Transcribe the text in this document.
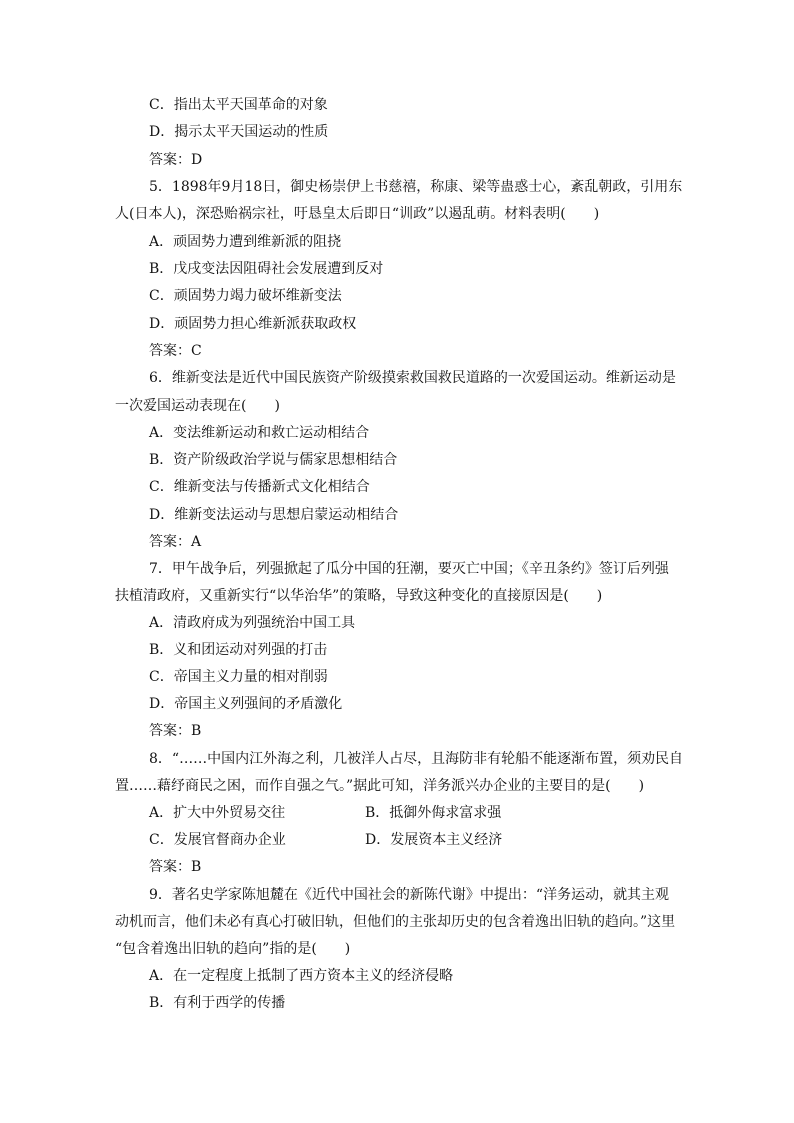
C．指出太平天国革命的对象
D．揭示太平天国运动的性质
答案：D
5．1898年9月18日，御史杨崇伊上书慈禧，称康、梁等蛊惑士心，紊乱朝政，引用东
人(日本人)，深恐贻祸宗社，吁恳皇太后即日“训政”以遏乱萌。材料表明(　　)
A．顽固势力遭到维新派的阻挠
B．戊戌变法因阻碍社会发展遭到反对
C．顽固势力竭力破坏维新变法
D．顽固势力担心维新派获取政权
答案：C
6．维新变法是近代中国民族资产阶级摸索救国救民道路的一次爱国运动。维新运动是
一次爱国运动表现在(　　)
A．变法维新运动和救亡运动相结合
B．资产阶级政治学说与儒家思想相结合
C．维新变法与传播新式文化相结合
D．维新变法运动与思想启蒙运动相结合
答案：A
7．甲午战争后，列强掀起了瓜分中国的狂潮，要灭亡中国；《辛丑条约》签订后列强
扶植清政府，又重新实行“以华治华”的策略，导致这种变化的直接原因是(　　)
A．清政府成为列强统治中国工具
B．义和团运动对列强的打击
C．帝国主义力量的相对削弱
D．帝国主义列强间的矛盾激化
答案：B
8．“……中国内江外海之利，几被洋人占尽，且海防非有轮船不能逐渐布置，须劝民自
置……藉纾商民之困，而作自强之气。”据此可知，洋务派兴办企业的主要目的是(　　)
A．扩大中外贸易交往	B．抵御外侮求富求强
C．发展官督商办企业	D．发展资本主义经济
答案：B
9．著名史学家陈旭麓在《近代中国社会的新陈代谢》中提出：“洋务运动，就其主观
动机而言，他们未必有真心打破旧轨，但他们的主张却历史的包含着逸出旧轨的趋向。”这里
“包含着逸出旧轨的趋向”指的是(　　)
A．在一定程度上抵制了西方资本主义的经济侵略
B．有利于西学的传播
